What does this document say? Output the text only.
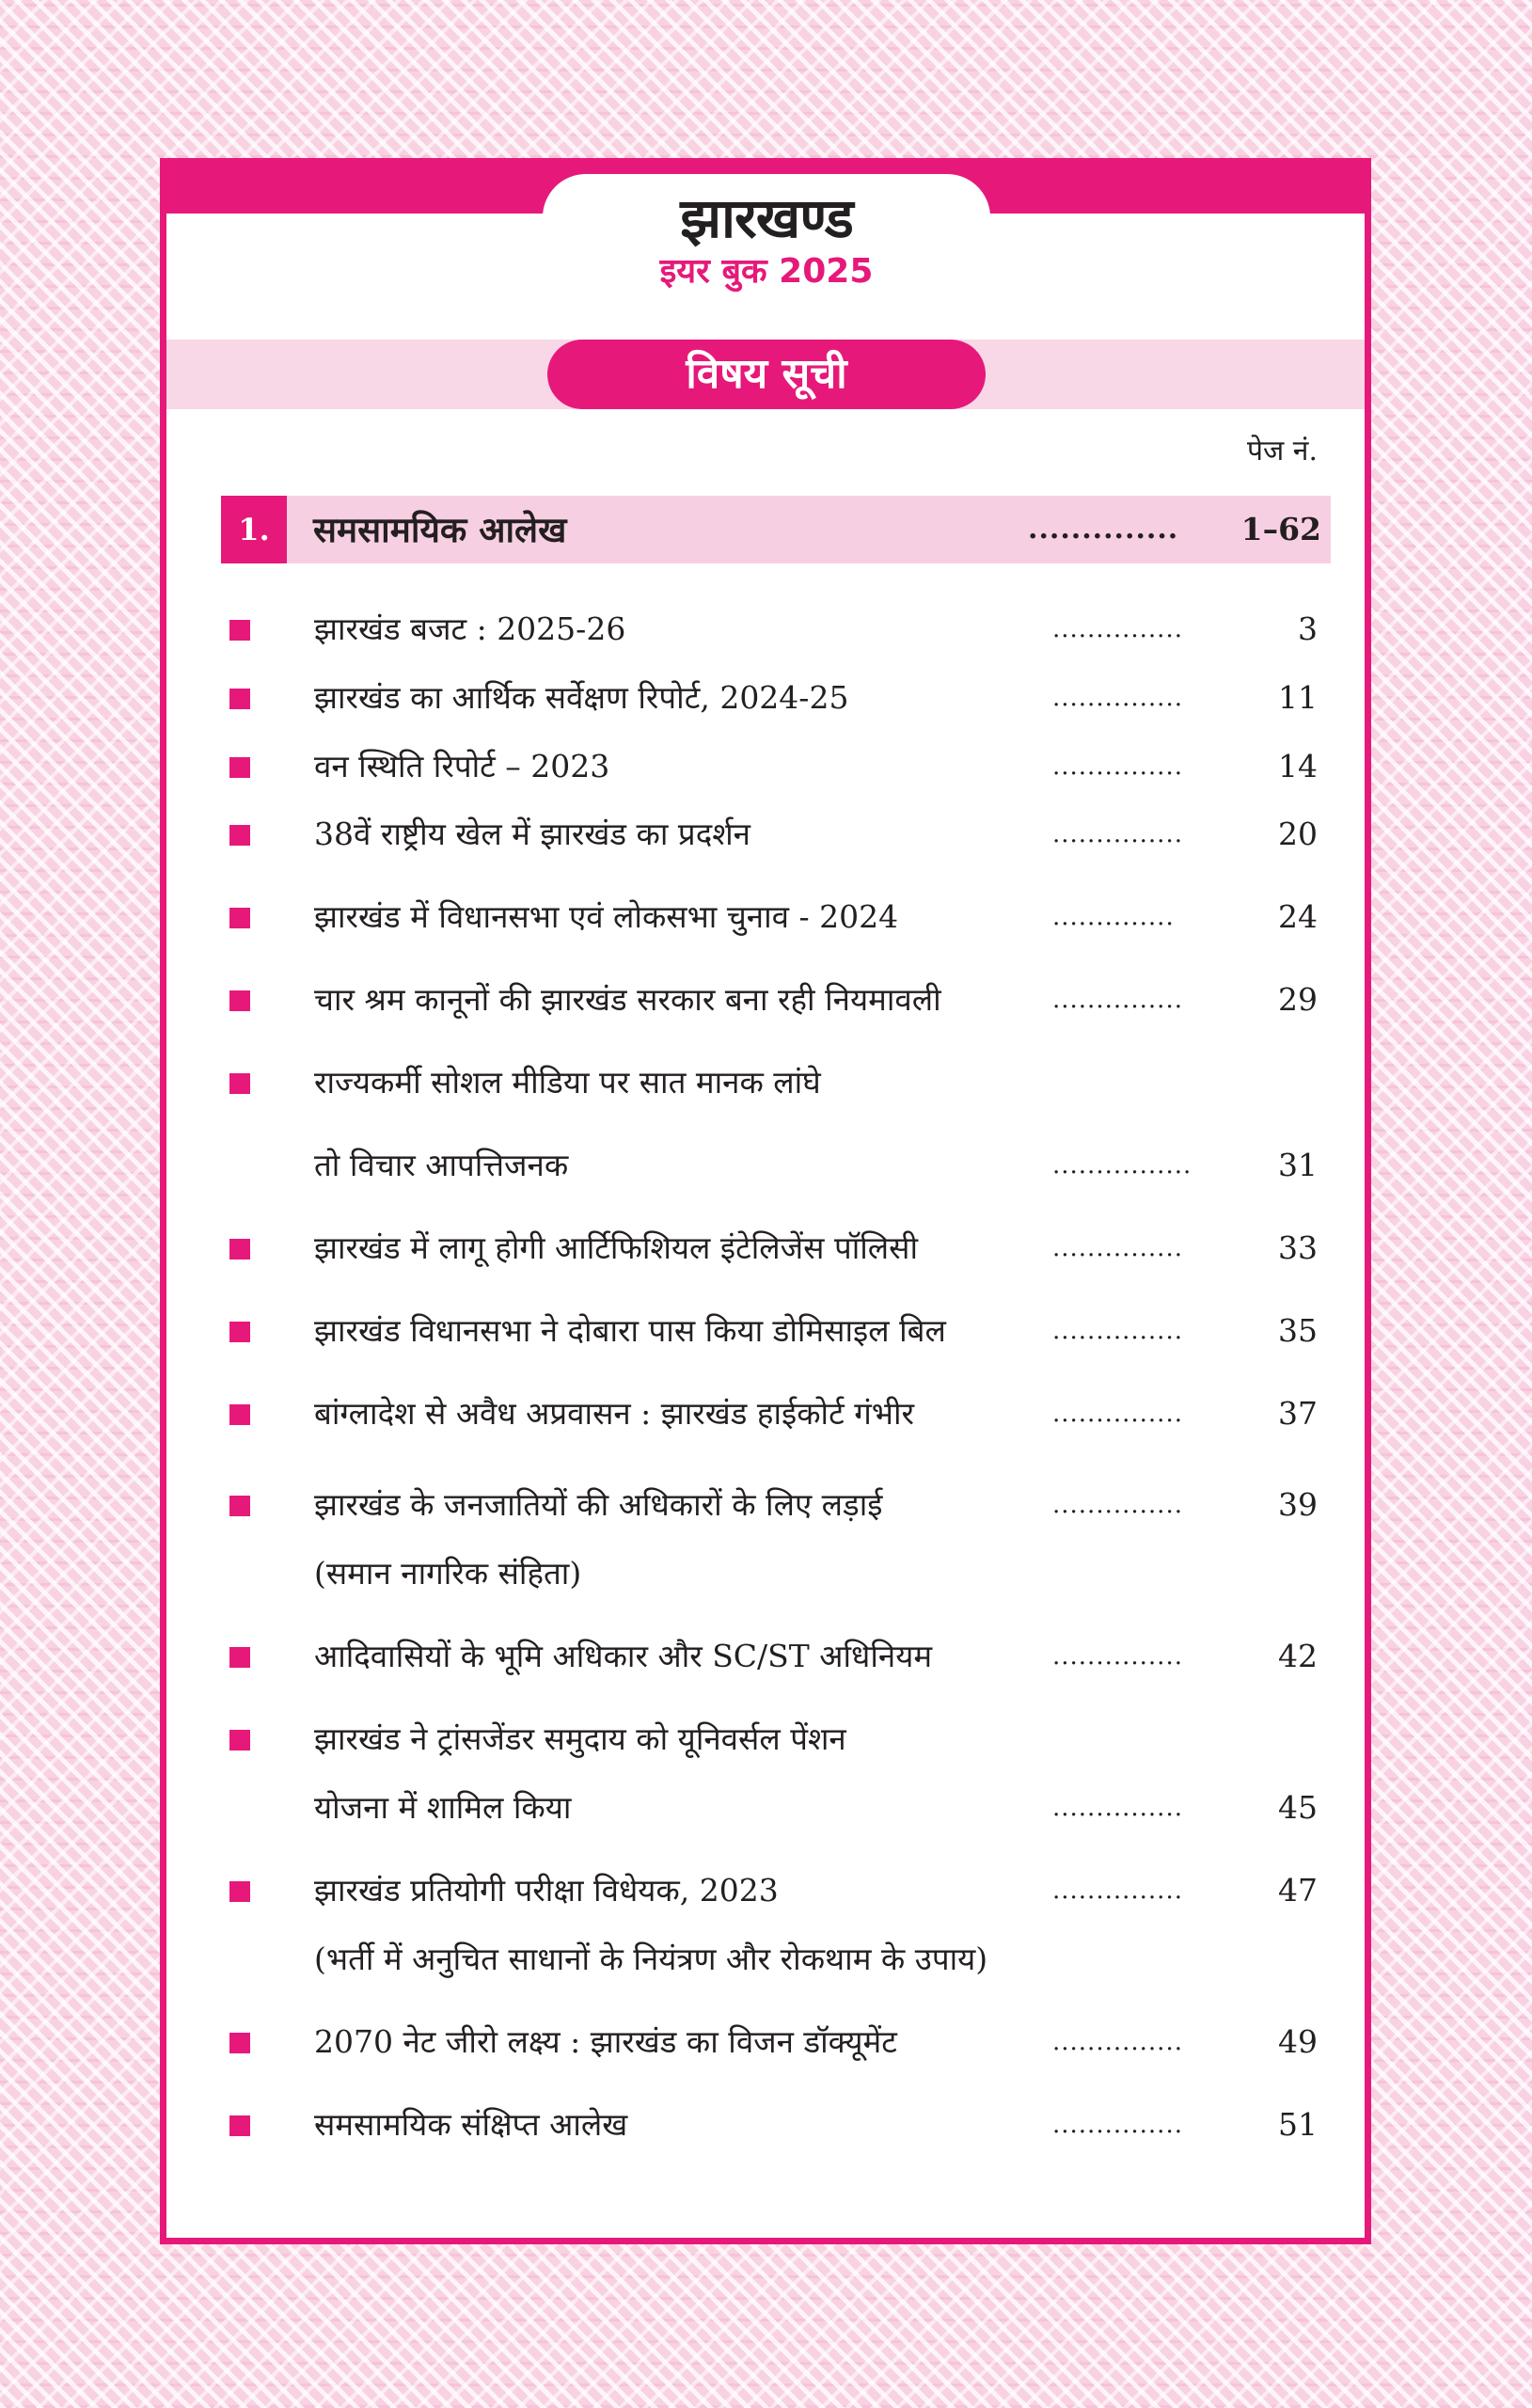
झारखण्ड
इयर बुक 2025
विषय सूची
पेज नं.
1.	समसामयिक आलेख	.............. 1–62
झारखंड बजट : 2025-26	...............	3
झारखंड का आर्थिक सर्वेक्षण रिपोर्ट, 2024-25	...............	11
वन स्थिति रिपोर्ट – 2023	...............	14
38वें राष्ट्रीय खेल में झारखंड का प्रदर्शन	...............	20
झारखंड में विधानसभा एवं लोकसभा चुनाव - 2024	..............	24
चार श्रम कानूनों की झारखंड सरकार बना रही नियमावली	...............	29
राज्यकर्मी सोशल मीडिया पर सात मानक लांघे
तो विचार आपत्तिजनक	................	31
झारखंड में लागू होगी आर्टिफिशियल इंटेलिजेंस पॉलिसी	...............	33
झारखंड विधानसभा ने दोबारा पास किया डोमिसाइल बिल	...............	35
बांग्लादेश से अवैध अप्रवासन : झारखंड हाईकोर्ट गंभीर	...............	37
झारखंड के जनजातियों की अधिकारों के लिए लड़ाई	...............	39
(समान नागरिक संहिता)
आदिवासियों के भूमि अधिकार और SC/ST अधिनियम	...............	42
झारखंड ने ट्रांसजेंडर समुदाय को यूनिवर्सल पेंशन
योजना में शामिल किया	...............	45
झारखंड प्रतियोगी परीक्षा विधेयक, 2023	...............	47
(भर्ती में अनुचित साधानों के नियंत्रण और रोकथाम के उपाय)
2070 नेट जीरो लक्ष्य : झारखंड का विजन डॉक्यूमेंट	...............	49
समसामयिक संक्षिप्त आलेख	...............	51
